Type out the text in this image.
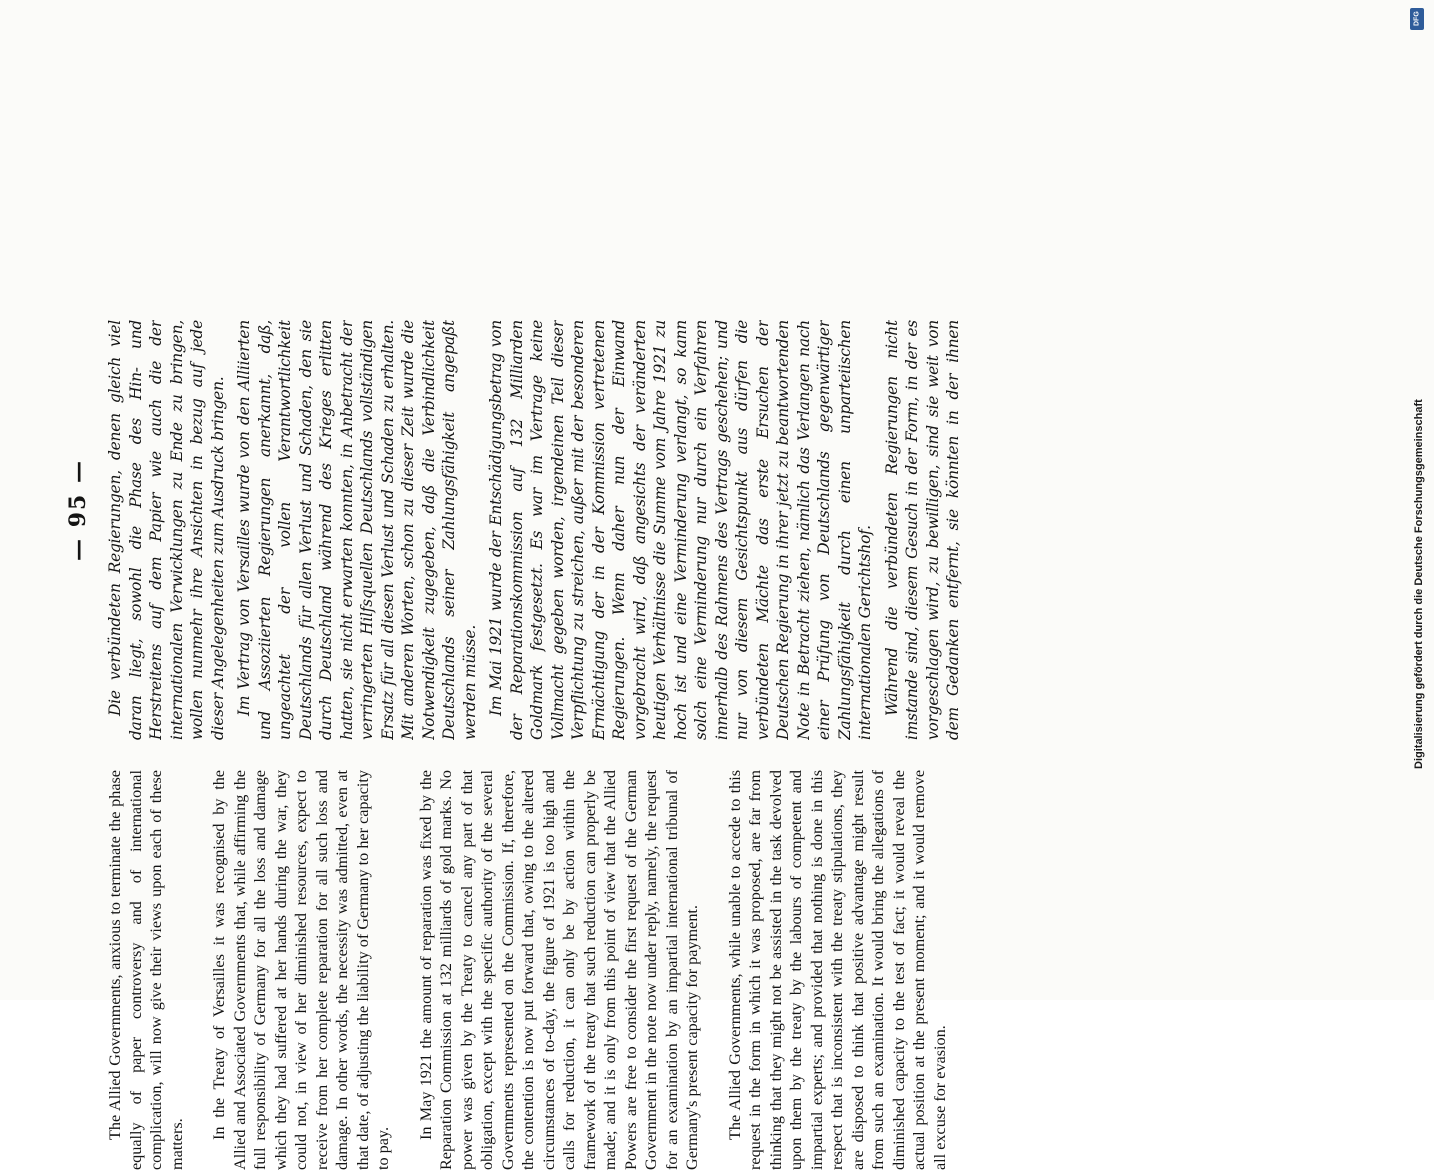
— 95 —

The Allied Governments, anxious to terminate the phase equally of paper controversy and of international complication, will now give their views upon each of these matters.

In the Treaty of Versailles it was recognised by the Allied and Associated Governments that, while affirming the full responsibility of Germany for all the loss and damage which they had suffered at her hands during the war, they could not, in view of her diminished resources, expect to receive from her complete reparation for all such loss and damage. In other words, the necessity was admitted, even at that date, of adjusting the liability of Germany to her capacity to pay.

In May 1921 the amount of reparation was fixed by the Reparation Commission at 132 milliards of gold marks. No power was given by the Treaty to cancel any part of that obligation, except with the specific authority of the several Governments represented on the Commission. If, therefore, the contention is now put forward that, owing to the altered circumstances of to-day, the figure of 1921 is too high and calls for reduction, it can only be by action within the framework of the treaty that such reduction can properly be made; and it is only from this point of view that the Allied Powers are free to consider the first request of the German Government in the note now under reply, namely, the request for an examination by an impartial international tribunal of Germany's present capacity for payment. The Allied Governments, while unable to accede to this request in the form in which it was proposed, are far from thinking that they might not be assisted in the task devolved upon them by the treaty by the labours of competent and impartial experts; and provided that nothing is done in this respect that is inconsistent with the treaty stipulations, they are disposed to think that positive advantage might result from such an examination. It would bring the allegations of diminished capacity to the test of fact; it would reveal the actual position at the present moment; and it would remove all excuse for evasion.

Die verbündeten Regierungen, denen gleich viel daran liegt, sowohl die Phase des Hin- und Herstreitens auf dem Papier wie auch die der internationalen Verwicklungen zu Ende zu bringen, wollen nunmehr ihre Ansichten in bezug auf jede dieser Angelegenheiten zum Ausdruck bringen. Im Vertrag von Versailles wurde von den Alliierten und Assoziierten Regierungen anerkannt, daß, ungeachtet der vollen Verantwortlichkeit Deutschlands für allen Verlust und Schaden, den sie durch Deutschland während des Krieges erlitten hatten, sie nicht erwarten konnten, in Anbetracht der verringerten Hilfsquellen Deutschlands vollständigen Ersatz für all diesen Verlust und Schaden zu erhalten. Mit anderen Worten, schon zu dieser Zeit wurde die Notwendigkeit zugegeben, daß die Verbindlichkeit Deutschlands seiner Zahlungsfähigkeit angepaßt werden müsse. Im Mai 1921 wurde der Entschädigungsbetrag von der Reparationskommission auf 132 Milliarden Goldmark festgesetzt. Es war im Vertrage keine Vollmacht gegeben worden, irgendeinen Teil dieser Verpflichtung zu streichen, außer mit der besonderen Ermächtigung der in der Kommission vertretenen Regierungen. Wenn daher nun der Einwand vorgebracht wird, daß angesichts der veränderten heutigen Verhältnisse die Summe vom Jahre 1921 zu hoch ist und eine Verminderung verlangt, so kann solch eine Verminderung nur durch ein Verfahren innerhalb des Rahmens des Vertrags geschehen; und nur von diesem Gesichtspunkt aus dürfen die verbündeten Mächte das erste Ersuchen der Deutschen Regierung in ihrer jetzt zu beantwortenden Note in Betracht ziehen, nämlich das Verlangen nach einer Prüfung von Deutschlands gegenwärtiger Zahlungsfähigkeit durch einen unparteiischen internationalen Gerichtshof. Während die verbündeten Regierungen nicht imstande sind, diesem Gesuch in der Form, in der es vorgeschlagen wird, zu bewilligen, sind sie weit von dem Gedanken entfernt, sie könnten in der ihnen

DFG
Digitalisierung gefördert durch die Deutsche Forschungsgemeinschaft
